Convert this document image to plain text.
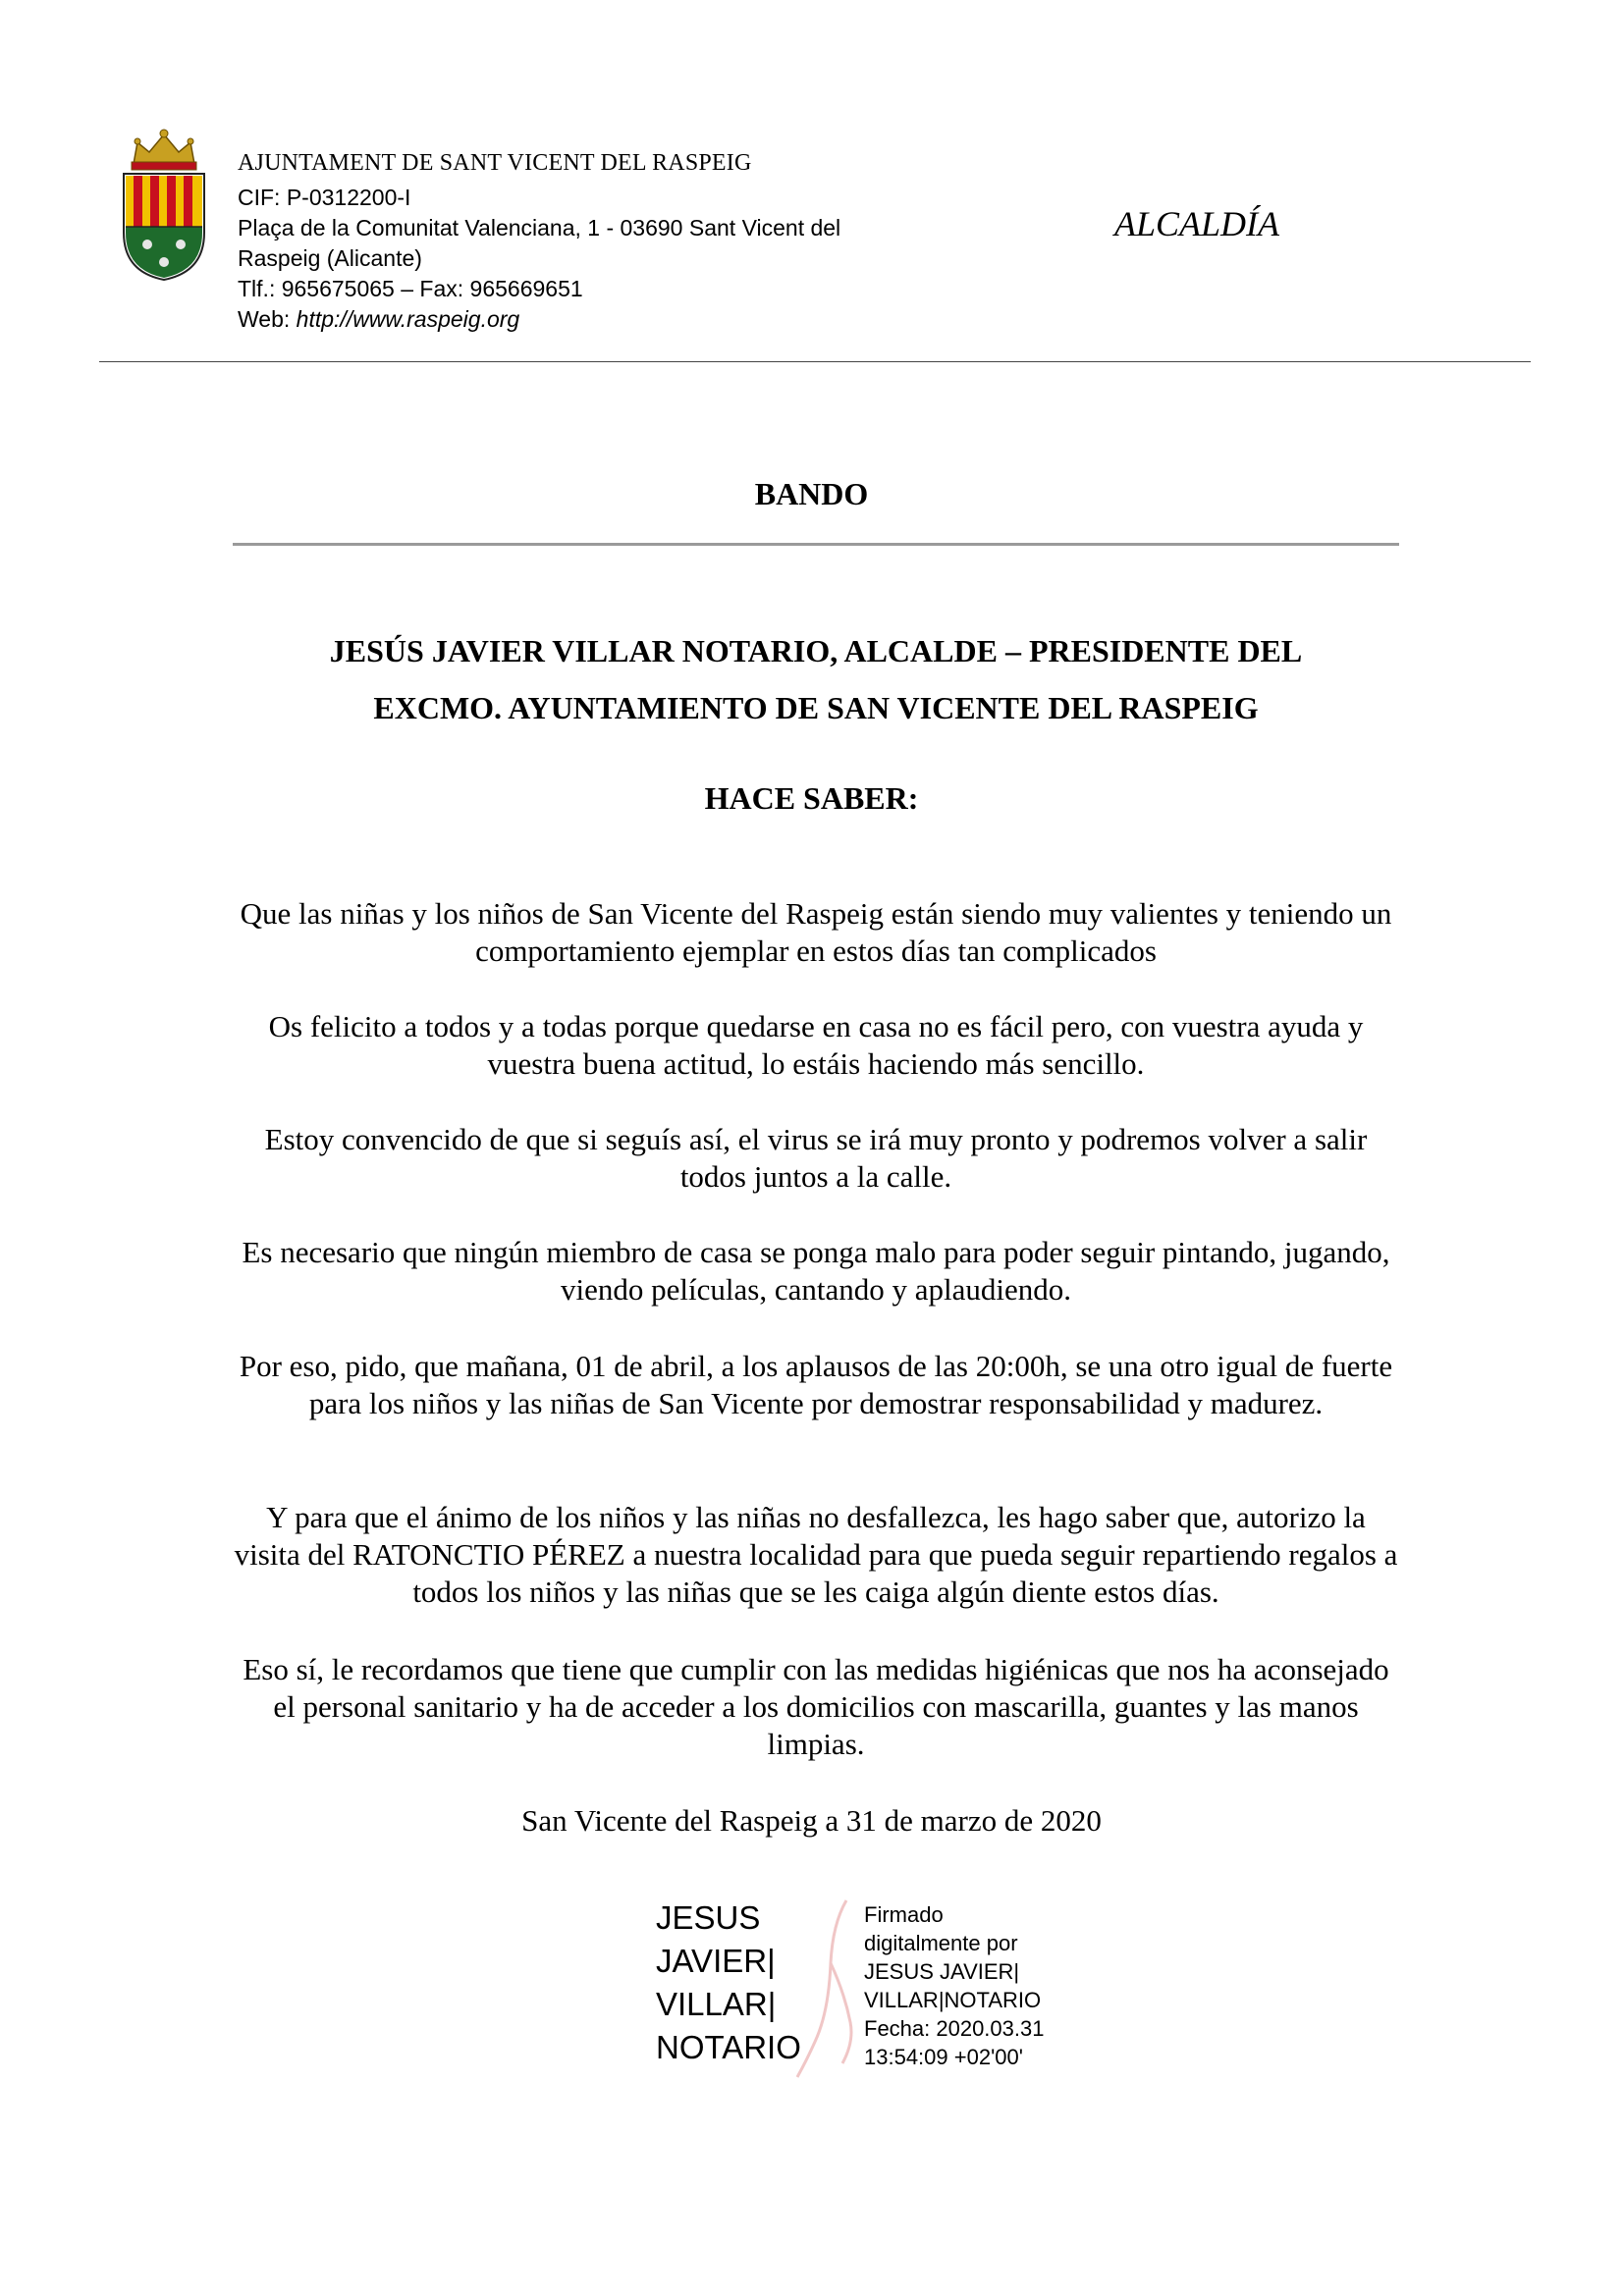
AJUNTAMENT DE SANT VICENT DEL RASPEIG
CIF: P-0312200-I
Plaça de la Comunitat Valenciana, 1 - 03690 Sant Vicent del
Raspeig (Alicante)
Tlf.: 965675065 – Fax: 965669651
Web: http://www.raspeig.org
ALCALDÍA
BANDO
JESÚS JAVIER VILLAR NOTARIO, ALCALDE – PRESIDENTE DEL
EXCMO. AYUNTAMIENTO DE SAN VICENTE DEL RASPEIG
HACE SABER:
Que las niñas y los niños de San Vicente del Raspeig están siendo muy valientes y teniendo un comportamiento ejemplar en estos días tan complicados
Os felicito a todos y a todas porque quedarse en casa no es fácil pero, con vuestra ayuda y vuestra buena actitud, lo estáis haciendo más sencillo.
Estoy convencido de que si seguís así, el virus se irá muy pronto y podremos volver a salir todos juntos a la calle.
Es necesario que ningún miembro de casa se ponga malo para poder seguir pintando, jugando, viendo películas, cantando y aplaudiendo.
Por eso, pido, que mañana, 01 de abril, a los aplausos de las 20:00h, se una otro igual de fuerte para los niños y las niñas de San Vicente por demostrar responsabilidad y madurez.
Y para que el ánimo de los niños y las niñas no desfallezca, les hago saber que, autorizo la visita del RATONCTIO PÉREZ a nuestra localidad para que pueda seguir repartiendo regalos a todos los niños y las niñas que se les caiga algún diente estos días.
Eso sí, le recordamos que tiene que cumplir con las medidas higiénicas que nos ha aconsejado el personal sanitario y ha de acceder a los domicilios con mascarilla, guantes y las manos limpias.
San Vicente del Raspeig a 31 de marzo de 2020
JESUS
JAVIER|
VILLAR|
NOTARIO
Firmado
digitalmente por
JESUS JAVIER|
VILLAR|NOTARIO
Fecha: 2020.03.31
13:54:09 +02'00'
